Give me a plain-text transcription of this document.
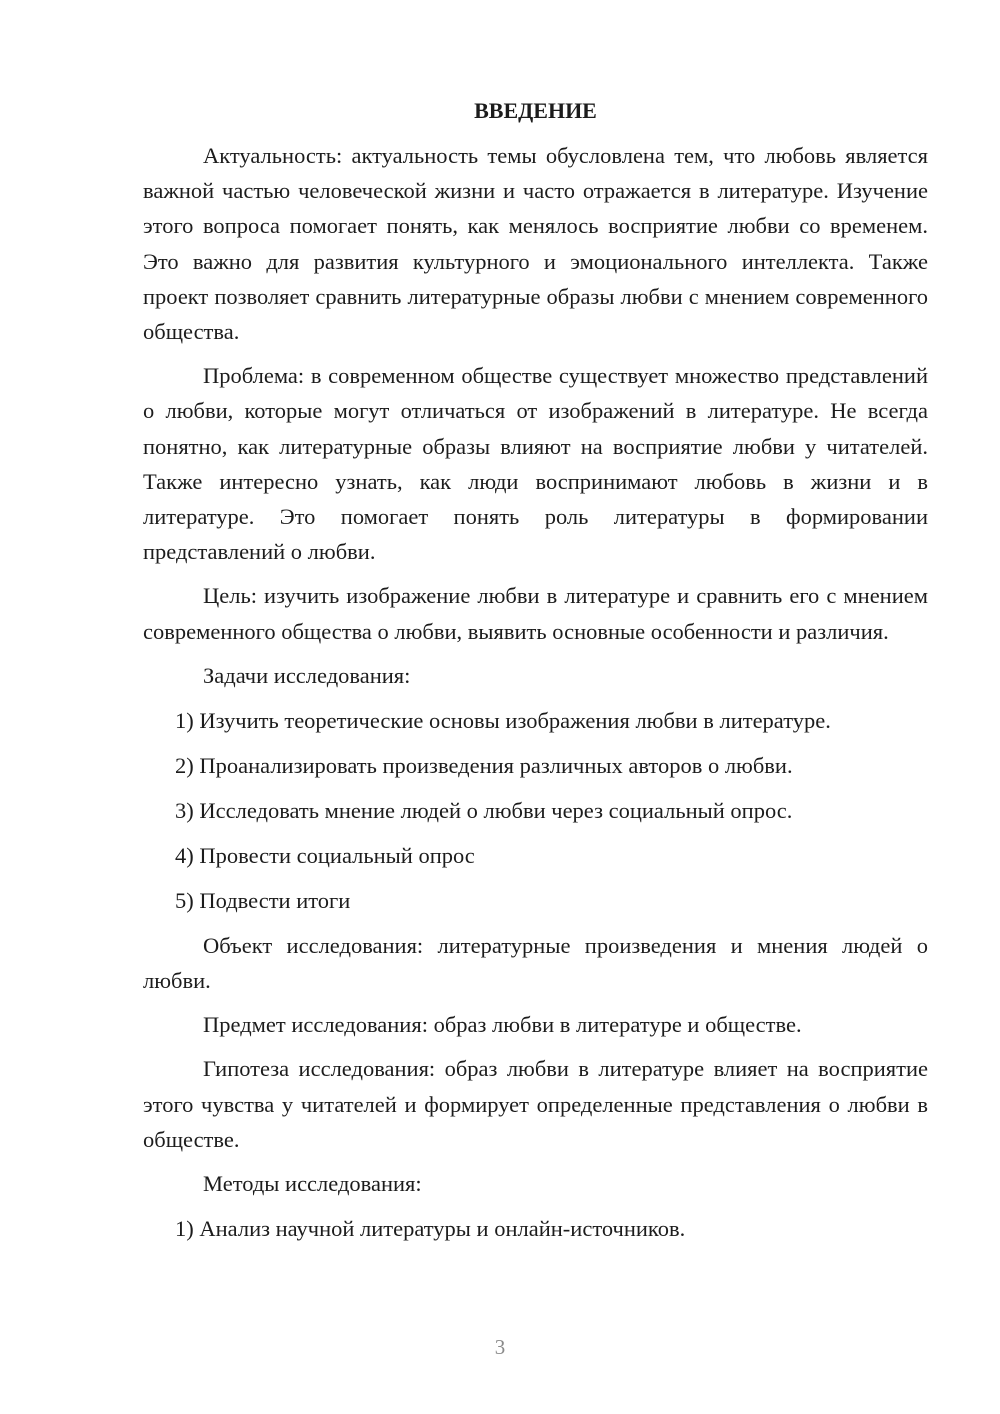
ВВЕДЕНИЕ

Актуальность: актуальность темы обусловлена тем, что любовь является важной частью человеческой жизни и часто отражается в литературе. Изучение этого вопроса помогает понять, как менялось восприятие любви со временем. Это важно для развития культурного и эмоционального интеллекта. Также проект позволяет сравнить литературные образы любви с мнением современного общества.

Проблема: в современном обществе существует множество представлений о любви, которые могут отличаться от изображений в литературе. Не всегда понятно, как литературные образы влияют на восприятие любви у читателей. Также интересно узнать, как люди воспринимают любовь в жизни и в литературе. Это помогает понять роль литературы в формировании представлений о любви.

Цель: изучить изображение любви в литературе и сравнить его с мнением современного общества о любви, выявить основные особенности и различия.

Задачи исследования:
1) Изучить теоретические основы изображения любви в литературе.
2) Проанализировать произведения различных авторов о любви.
3) Исследовать мнение людей о любви через социальный опрос.
4) Провести социальный опрос
5) Подвести итоги

Объект исследования: литературные произведения и мнения людей о любви.

Предмет исследования: образ любви в литературе и обществе.

Гипотеза исследования: образ любви в литературе влияет на восприятие этого чувства у читателей и формирует определенные представления о любви в обществе.

Методы исследования:
1) Анализ научной литературы и онлайн-источников.
3
